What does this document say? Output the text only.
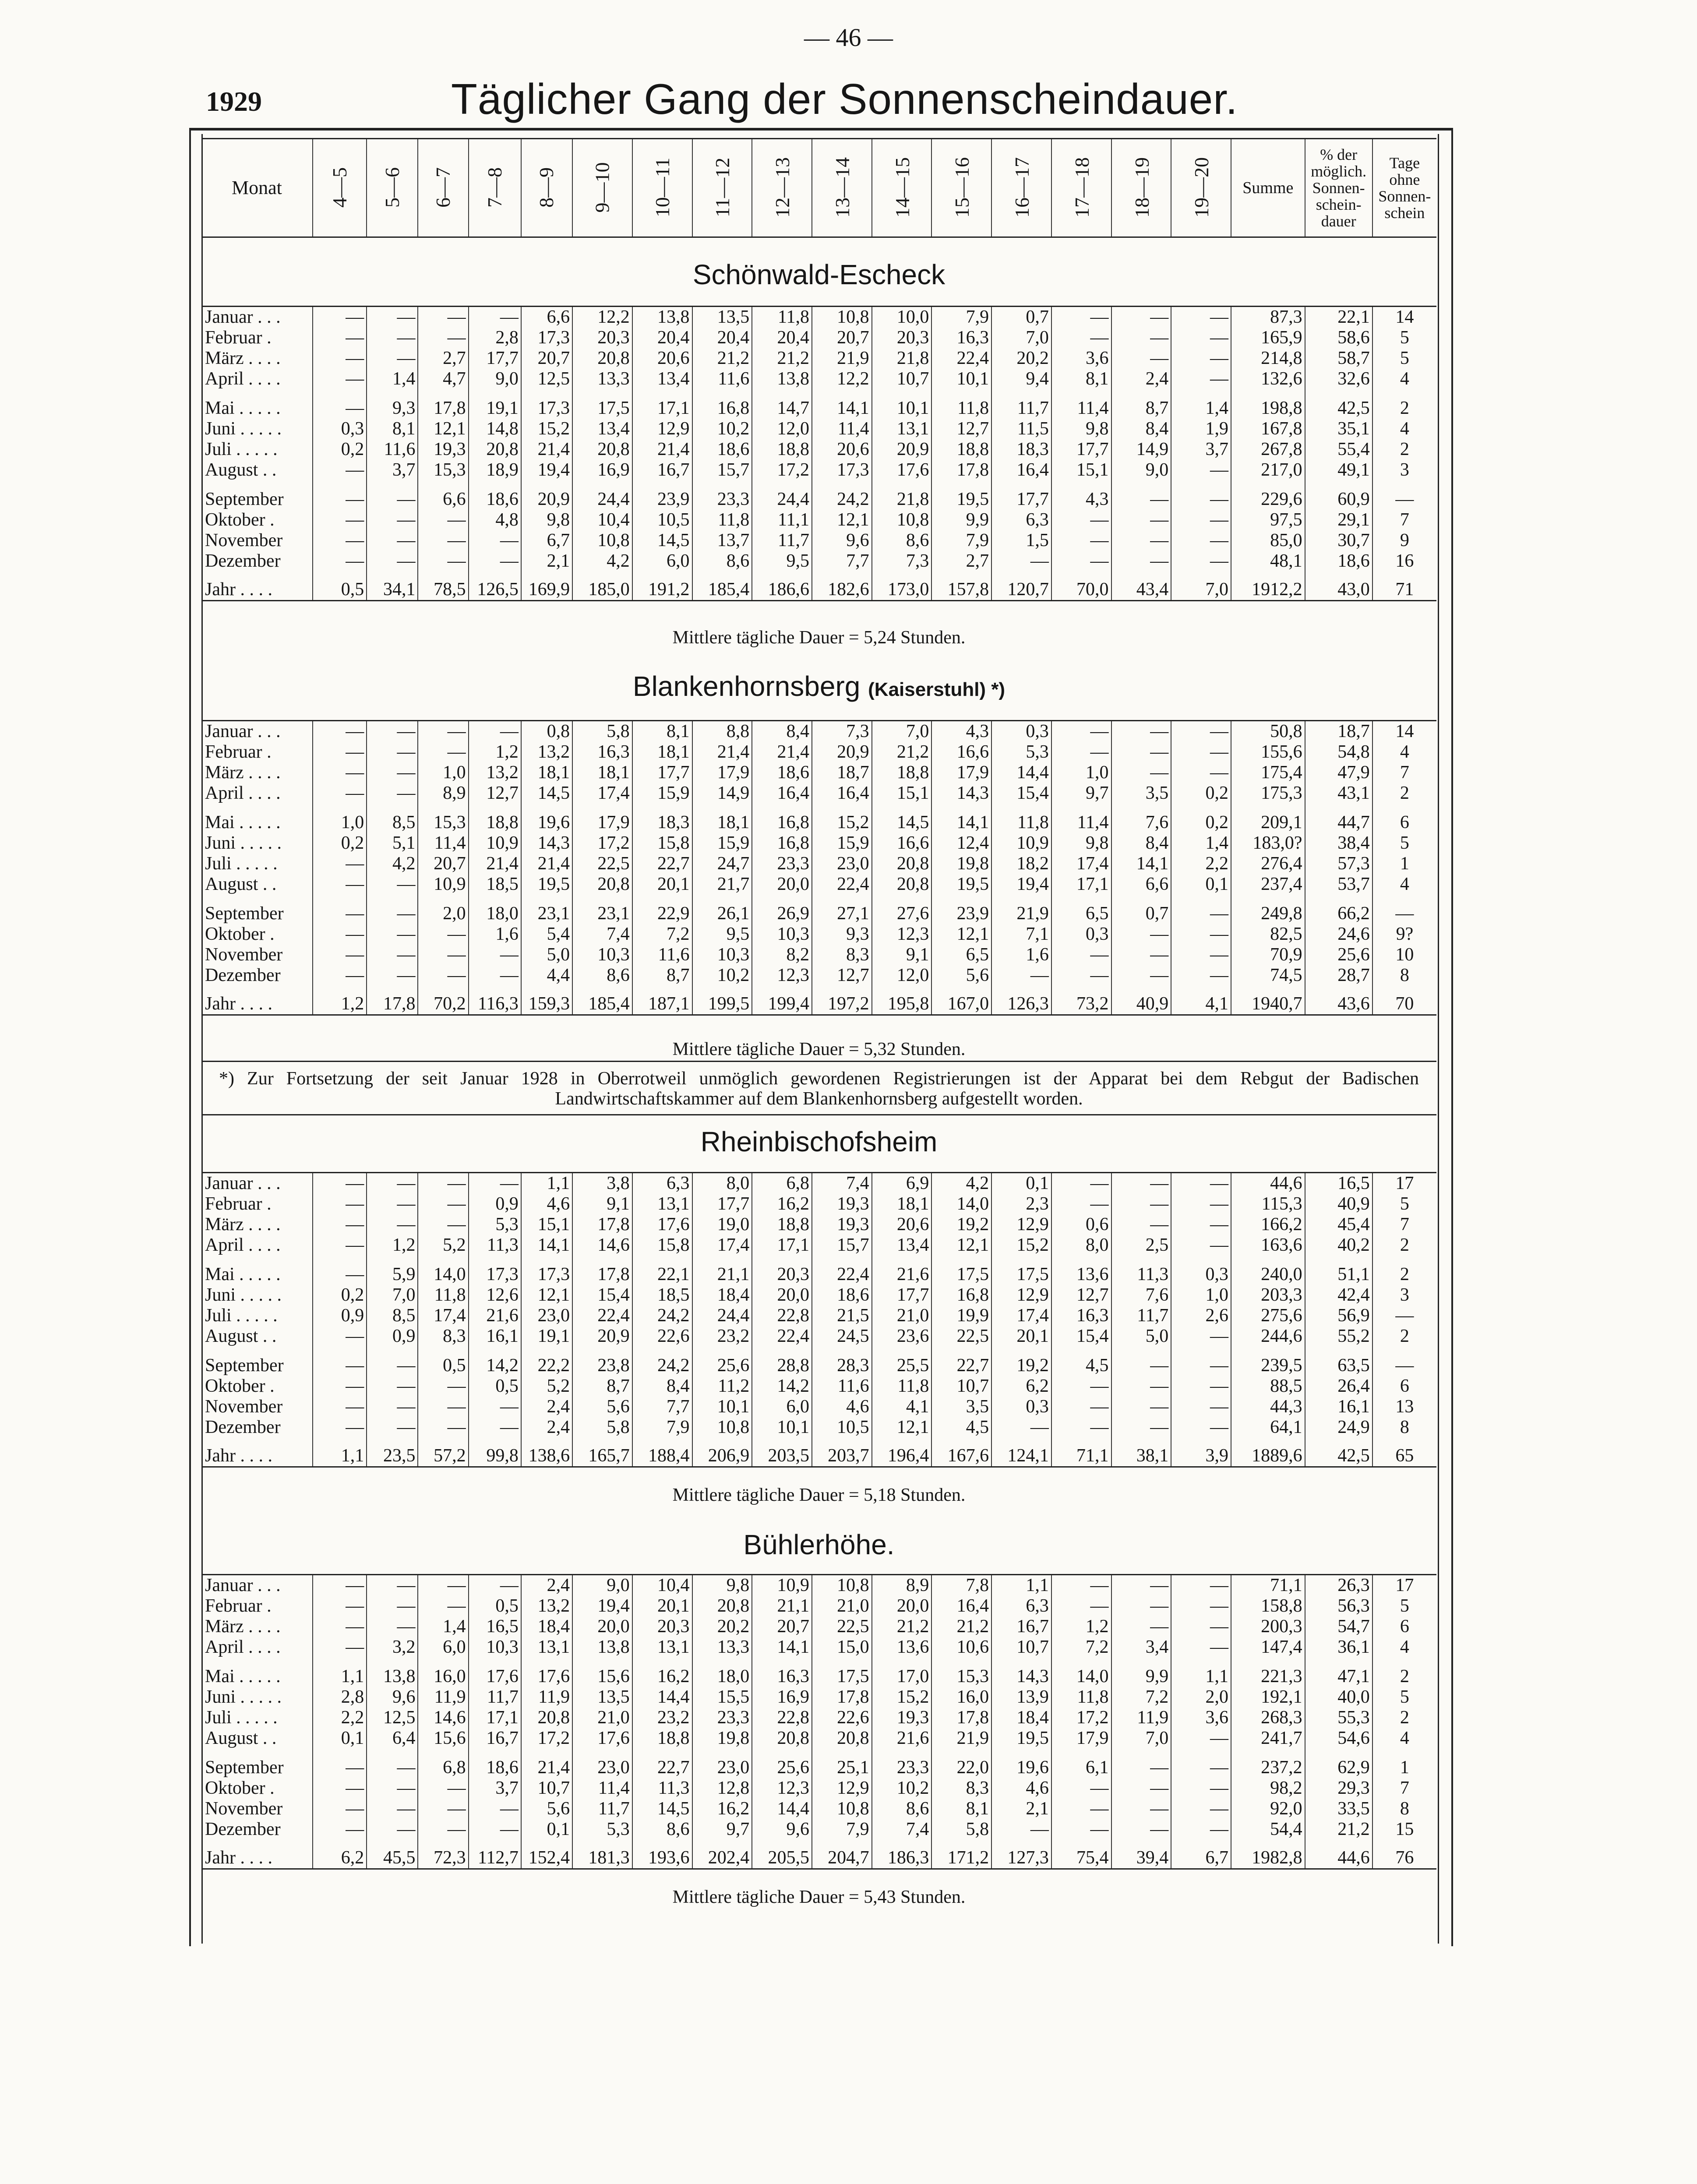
— 46 —
1929	Täglicher Gang der Sonnenscheindauer.
Monat	4—5	5—6	6—7	7—8	8—9	9—10	10—11	11—12	12—13	13—14	14—15	15—16	16—17	17—18	18—19	19—20	Summe	% der möglich. Sonnen-schein-dauer	Tage ohne Sonnen-schein
Schönwald-Escheck
Januar . . .	—	—	—	—	6,6	12,2	13,8	13,5	11,8	10,8	10,0	7,9	0,7	—	—	—	87,3	22,1	14
Februar .	—	—	—	2,8	17,3	20,3	20,4	20,4	20,4	20,7	20,3	16,3	7,0	—	—	—	165,9	58,6	5
März . . . .	—	—	2,7	17,7	20,7	20,8	20,6	21,2	21,2	21,9	21,8	22,4	20,2	3,6	—	—	214,8	58,7	5
April . . . .	—	1,4	4,7	9,0	12,5	13,3	13,4	11,6	13,8	12,2	10,7	10,1	9,4	8,1	2,4	—	132,6	32,6	4

Mai . . . . .	—	9,3	17,8	19,1	17,3	17,5	17,1	16,8	14,7	14,1	10,1	11,8	11,7	11,4	8,7	1,4	198,8	42,5	2
Juni . . . . .	0,3	8,1	12,1	14,8	15,2	13,4	12,9	10,2	12,0	11,4	13,1	12,7	11,5	9,8	8,4	1,9	167,8	35,1	4
Juli . . . . .	0,2	11,6	19,3	20,8	21,4	20,8	21,4	18,6	18,8	20,6	20,9	18,8	18,3	17,7	14,9	3,7	267,8	55,4	2
August . .	—	3,7	15,3	18,9	19,4	16,9	16,7	15,7	17,2	17,3	17,6	17,8	16,4	15,1	9,0	—	217,0	49,1	3

September	—	—	6,6	18,6	20,9	24,4	23,9	23,3	24,4	24,2	21,8	19,5	17,7	4,3	—	—	229,6	60,9	—
Oktober .	—	—	—	4,8	9,8	10,4	10,5	11,8	11,1	12,1	10,8	9,9	6,3	—	—	—	97,5	29,1	7
November	—	—	—	—	6,7	10,8	14,5	13,7	11,7	9,6	8,6	7,9	1,5	—	—	—	85,0	30,7	9
Dezember	—	—	—	—	2,1	4,2	6,0	8,6	9,5	7,7	7,3	2,7	—	—	—	—	48,1	18,6	16

Jahr . . . .	0,5	34,1	78,5	126,5	169,9	185,0	191,2	185,4	186,6	182,6	173,0	157,8	120,7	70,0	43,4	7,0	1912,2	43,0	71
Mittlere tägliche Dauer = 5,24 Stunden.
Blankenhornsberg (Kaiserstuhl) *)
Januar . . .	—	—	—	—	0,8	5,8	8,1	8,8	8,4	7,3	7,0	4,3	0,3	—	—	—	50,8	18,7	14
Februar .	—	—	—	1,2	13,2	16,3	18,1	21,4	21,4	20,9	21,2	16,6	5,3	—	—	—	155,6	54,8	4
März . . . .	—	—	1,0	13,2	18,1	18,1	17,7	17,9	18,6	18,7	18,8	17,9	14,4	1,0	—	—	175,4	47,9	7
April . . . .	—	—	8,9	12,7	14,5	17,4	15,9	14,9	16,4	16,4	15,1	14,3	15,4	9,7	3,5	0,2	175,3	43,1	2

Mai . . . . .	1,0	8,5	15,3	18,8	19,6	17,9	18,3	18,1	16,8	15,2	14,5	14,1	11,8	11,4	7,6	0,2	209,1	44,7	6
Juni . . . . .	0,2	5,1	11,4	10,9	14,3	17,2	15,8	15,9	16,8	15,9	16,6	12,4	10,9	9,8	8,4	1,4	183,0?	38,4	5
Juli . . . . .	—	4,2	20,7	21,4	21,4	22,5	22,7	24,7	23,3	23,0	20,8	19,8	18,2	17,4	14,1	2,2	276,4	57,3	1
August . .	—	—	10,9	18,5	19,5	20,8	20,1	21,7	20,0	22,4	20,8	19,5	19,4	17,1	6,6	0,1	237,4	53,7	4

September	—	—	2,0	18,0	23,1	23,1	22,9	26,1	26,9	27,1	27,6	23,9	21,9	6,5	0,7	—	249,8	66,2	—
Oktober .	—	—	—	1,6	5,4	7,4	7,2	9,5	10,3	9,3	12,3	12,1	7,1	0,3	—	—	82,5	24,6	9?
November	—	—	—	—	5,0	10,3	11,6	10,3	8,2	8,3	9,1	6,5	1,6	—	—	—	70,9	25,6	10
Dezember	—	—	—	—	4,4	8,6	8,7	10,2	12,3	12,7	12,0	5,6	—	—	—	—	74,5	28,7	8

Jahr . . . .	1,2	17,8	70,2	116,3	159,3	185,4	187,1	199,5	199,4	197,2	195,8	167,0	126,3	73,2	40,9	4,1	1940,7	43,6	70
Mittlere tägliche Dauer = 5,32 Stunden.
*) Zur Fortsetzung der seit Januar 1928 in Oberrotweil unmöglich gewordenen Registrierungen ist der Apparat bei dem Rebgut der Badischen Landwirtschaftskammer auf dem Blankenhornsberg aufgestellt worden.
Rheinbischofsheim
Januar . . .	—	—	—	—	1,1	3,8	6,3	8,0	6,8	7,4	6,9	4,2	0,1	—	—	—	44,6	16,5	17
Februar .	—	—	—	0,9	4,6	9,1	13,1	17,7	16,2	19,3	18,1	14,0	2,3	—	—	—	115,3	40,9	5
März . . . .	—	—	—	5,3	15,1	17,8	17,6	19,0	18,8	19,3	20,6	19,2	12,9	0,6	—	—	166,2	45,4	7
April . . . .	—	1,2	5,2	11,3	14,1	14,6	15,8	17,4	17,1	15,7	13,4	12,1	15,2	8,0	2,5	—	163,6	40,2	2

Mai . . . . .	—	5,9	14,0	17,3	17,3	17,8	22,1	21,1	20,3	22,4	21,6	17,5	17,5	13,6	11,3	0,3	240,0	51,1	2
Juni . . . . .	0,2	7,0	11,8	12,6	12,1	15,4	18,5	18,4	20,0	18,6	17,7	16,8	12,9	12,7	7,6	1,0	203,3	42,4	3
Juli . . . . .	0,9	8,5	17,4	21,6	23,0	22,4	24,2	24,4	22,8	21,5	21,0	19,9	17,4	16,3	11,7	2,6	275,6	56,9	—
August . .	—	0,9	8,3	16,1	19,1	20,9	22,6	23,2	22,4	24,5	23,6	22,5	20,1	15,4	5,0	—	244,6	55,2	2

September	—	—	0,5	14,2	22,2	23,8	24,2	25,6	28,8	28,3	25,5	22,7	19,2	4,5	—	—	239,5	63,5	—
Oktober .	—	—	—	0,5	5,2	8,7	8,4	11,2	14,2	11,6	11,8	10,7	6,2	—	—	—	88,5	26,4	6
November	—	—	—	—	2,4	5,6	7,7	10,1	6,0	4,6	4,1	3,5	0,3	—	—	—	44,3	16,1	13
Dezember	—	—	—	—	2,4	5,8	7,9	10,8	10,1	10,5	12,1	4,5	—	—	—	—	64,1	24,9	8

Jahr . . . .	1,1	23,5	57,2	99,8	138,6	165,7	188,4	206,9	203,5	203,7	196,4	167,6	124,1	71,1	38,1	3,9	1889,6	42,5	65
Mittlere tägliche Dauer = 5,18 Stunden.
Bühlerhöhe.
Januar . . .	—	—	—	—	2,4	9,0	10,4	9,8	10,9	10,8	8,9	7,8	1,1	—	—	—	71,1	26,3	17
Februar .	—	—	—	0,5	13,2	19,4	20,1	20,8	21,1	21,0	20,0	16,4	6,3	—	—	—	158,8	56,3	5
März . . . .	—	—	1,4	16,5	18,4	20,0	20,3	20,2	20,7	22,5	21,2	21,2	16,7	1,2	—	—	200,3	54,7	6
April . . . .	—	3,2	6,0	10,3	13,1	13,8	13,1	13,3	14,1	15,0	13,6	10,6	10,7	7,2	3,4	—	147,4	36,1	4

Mai . . . . .	1,1	13,8	16,0	17,6	17,6	15,6	16,2	18,0	16,3	17,5	17,0	15,3	14,3	14,0	9,9	1,1	221,3	47,1	2
Juni . . . . .	2,8	9,6	11,9	11,7	11,9	13,5	14,4	15,5	16,9	17,8	15,2	16,0	13,9	11,8	7,2	2,0	192,1	40,0	5
Juli . . . . .	2,2	12,5	14,6	17,1	20,8	21,0	23,2	23,3	22,8	22,6	19,3	17,8	18,4	17,2	11,9	3,6	268,3	55,3	2
August . .	0,1	6,4	15,6	16,7	17,2	17,6	18,8	19,8	20,8	20,8	21,6	21,9	19,5	17,9	7,0	—	241,7	54,6	4

September	—	—	6,8	18,6	21,4	23,0	22,7	23,0	25,6	25,1	23,3	22,0	19,6	6,1	—	—	237,2	62,9	1
Oktober .	—	—	—	3,7	10,7	11,4	11,3	12,8	12,3	12,9	10,2	8,3	4,6	—	—	—	98,2	29,3	7
November	—	—	—	—	5,6	11,7	14,5	16,2	14,4	10,8	8,6	8,1	2,1	—	—	—	92,0	33,5	8
Dezember	—	—	—	—	0,1	5,3	8,6	9,7	9,6	7,9	7,4	5,8	—	—	—	—	54,4	21,2	15

Jahr . . . .	6,2	45,5	72,3	112,7	152,4	181,3	193,6	202,4	205,5	204,7	186,3	171,2	127,3	75,4	39,4	6,7	1982,8	44,6	76
Mittlere tägliche Dauer = 5,43 Stunden.
